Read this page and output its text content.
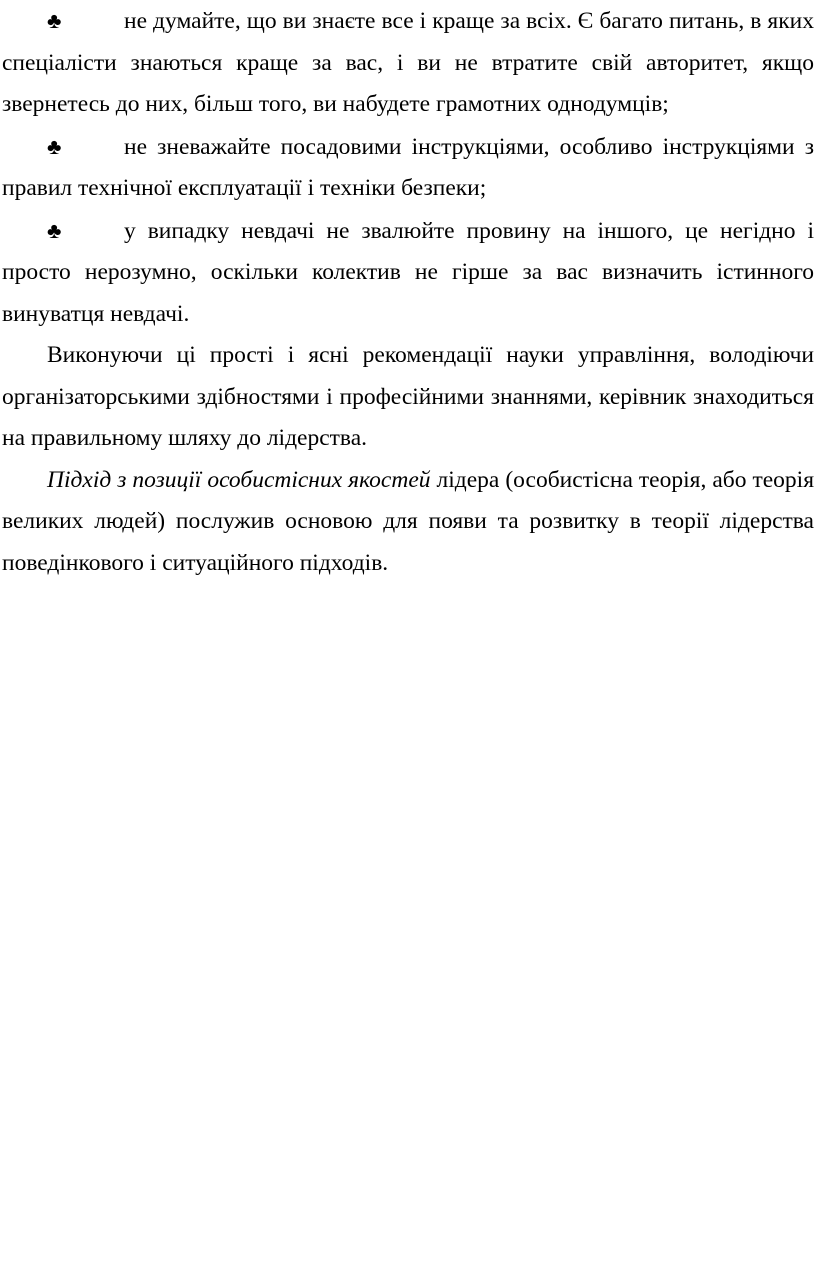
♣	не думайте, що ви знаєте все і краще за всіх. Є багато питань, в яких спеціалісти знаються краще за вас, і ви не втратите свій авторитет, якщо звернетесь до них, більш того, ви набудете грамотних однодумців;

♣	не зневажайте посадовими інструкціями, особливо інструкціями з правил технічної експлуатації і техніки безпеки;

♣	у випадку невдачі не звалюйте провину на іншого, це негідно і просто нерозумно, оскільки колектив не гірше за вас визначить істинного винуватця невдачі.

Виконуючи ці прості і ясні рекомендації науки управління, володіючи організаторськими здібностями і професійними знаннями, керівник знаходиться на правильному шляху до лідерства.

Підхід з позиції особистісних якостей лідера (особистісна теорія, або теорія великих людей) послужив основою для появи та розвитку в теорії лідерства поведінкового і ситуаційного підходів.
